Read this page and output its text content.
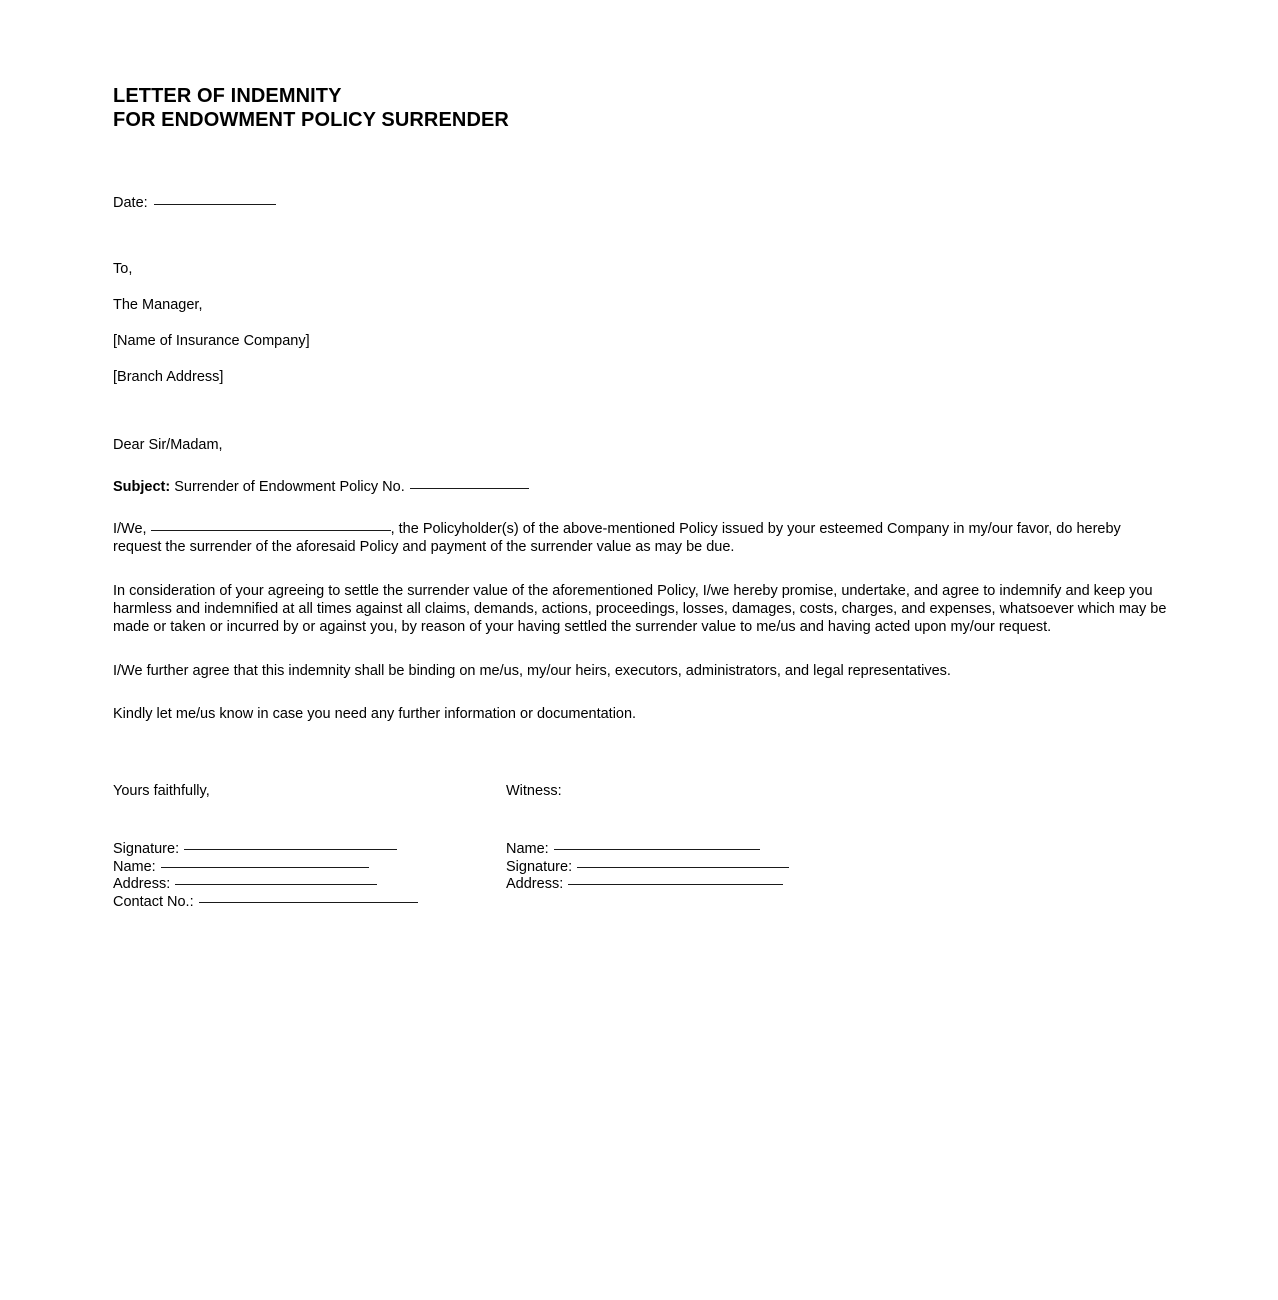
LETTER OF INDEMNITY
FOR ENDOWMENT POLICY SURRENDER
Date:
To,
The Manager,
[Name of Insurance Company]
[Branch Address]
Dear Sir/Madam,
Subject: Surrender of Endowment Policy No.

I/We,	, the Policyholder(s) of the above-mentioned Policy issued by your esteemed Company in my/our favor, do hereby request the surrender of the aforesaid Policy and payment of the surrender value as may be due.

In consideration of your agreeing to settle the surrender value of the aforementioned Policy, I/we hereby promise, undertake, and agree to indemnify and keep you harmless and indemnified at all times against all claims, demands, actions, proceedings, losses, damages, costs, charges, and expenses, whatsoever which may be made or taken or incurred by or against you, by reason of your having settled the surrender value to me/us and having acted upon my/our request.

I/We further agree that this indemnity shall be binding on me/us, my/our heirs, executors, administrators, and legal representatives.

Kindly let me/us know in case you need any further information or documentation.

Yours faithfully,
Signature:
Name:
Address:
Contact No.:
Witness:
Name:
Signature:
Address:
